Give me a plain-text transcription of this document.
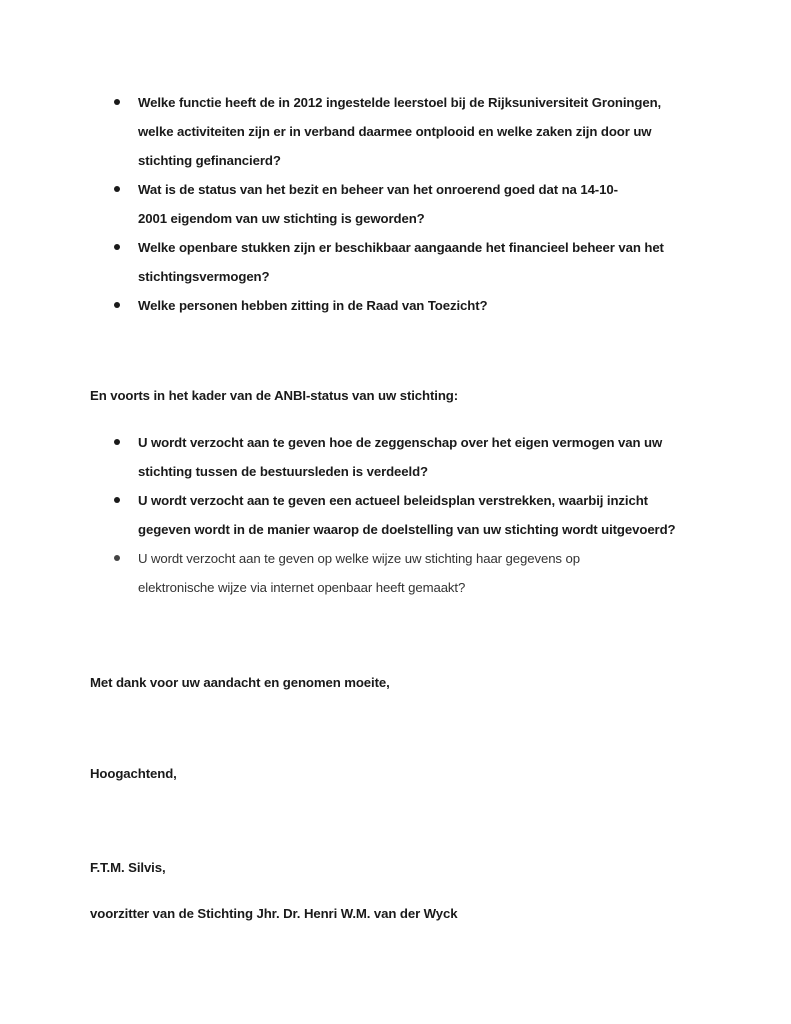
Welke functie heeft de in 2012 ingestelde leerstoel bij de Rijksuniversiteit Groningen,
welke activiteiten zijn er in verband daarmee ontplooid en welke zaken zijn door uw
stichting gefinancierd?
Wat is de status van het bezit en beheer van het onroerend goed dat na 14-10-
2001 eigendom van uw stichting is geworden?
Welke openbare stukken zijn er beschikbaar aangaande het financieel beheer van het
stichtingsvermogen?
Welke personen hebben zitting in de Raad van Toezicht?

En voorts in het kader van de ANBI-status van uw stichting:

U wordt verzocht aan te geven hoe de zeggenschap over het eigen vermogen van uw
stichting tussen de bestuursleden is verdeeld?
U wordt verzocht aan te geven een actueel beleidsplan verstrekken, waarbij inzicht
gegeven wordt in de manier waarop de doelstelling van uw stichting wordt uitgevoerd?
U wordt verzocht aan te geven op welke wijze uw stichting haar gegevens op
elektronische wijze via internet openbaar heeft gemaakt?

Met dank voor uw aandacht en genomen moeite,

Hoogachtend,

F.T.M. Silvis,

voorzitter van de Stichting Jhr. Dr. Henri W.M. van der Wyck
